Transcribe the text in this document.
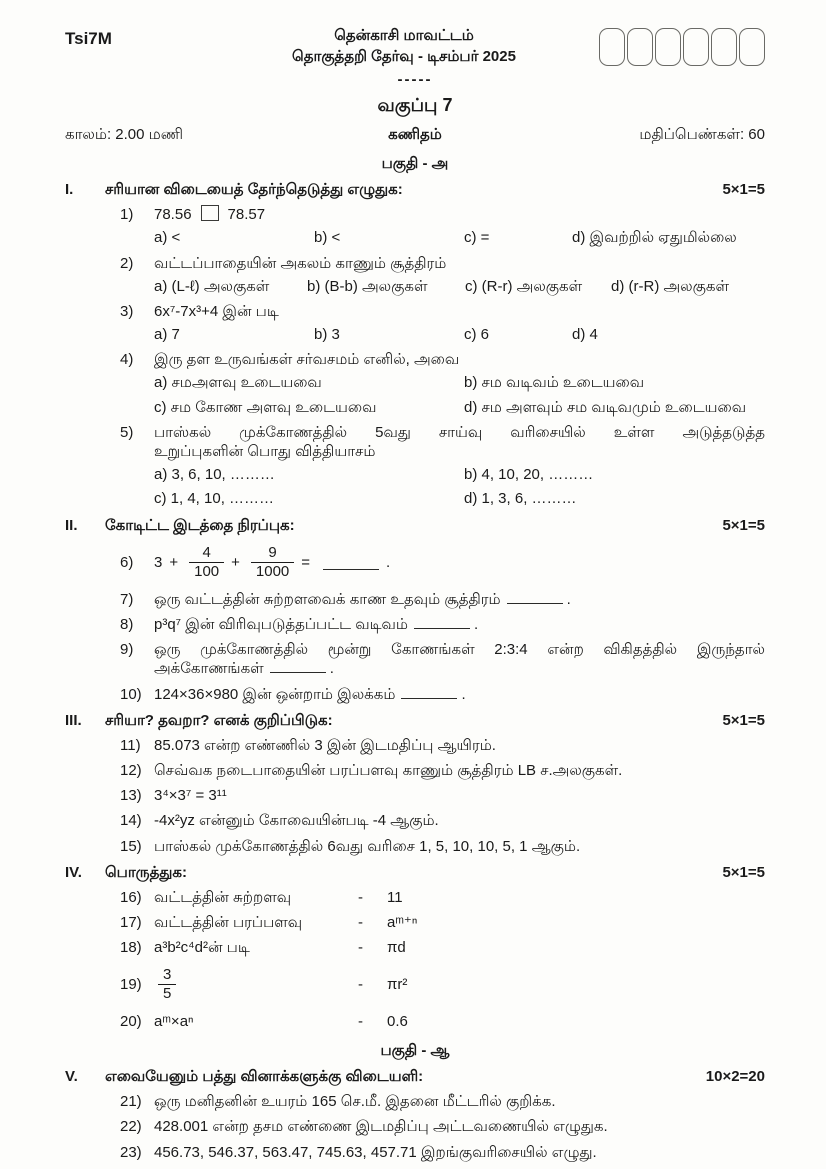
Tsi7M	தென்காசி மாவட்டம்
தொகுத்தறி தேர்வு - டிசம்பர் 2025
-----
வகுப்பு 7
காலம்: 2.00 மணி	கணிதம்	மதிப்பெண்கள்: 60
பகுதி - அ
I.	சரியான விடையைத் தேர்ந்தெடுத்து எழுதுக:	5×1=5
1)	78.56 78.57
a) <	b) <	c) =	d) இவற்றில் ஏதுமில்லை
2)	வட்டப்பாதையின் அகலம் காணும் சூத்திரம்
a) (L-ℓ) அலகுகள்	b) (B-b) அலகுகள்	c) (R-r) அலகுகள்	d) (r-R) அலகுகள்
3)	6x⁷-7x³+4 இன் படி
a) 7	b) 3	c) 6	d) 4
4)	இரு தள உருவங்கள் சர்வசமம் எனில், அவை
a) சமஅளவு உடையவை	b) சம வடிவம் உடையவை
c) சம கோண அளவு உடையவை	d) சம அளவும் சம வடிவமும் உடையவை
5)	பாஸ்கல் முக்கோணத்தில் 5வது சாய்வு வரிசையில் உள்ள அடுத்தடுத்த
உறுப்புகளின் பொது வித்தியாசம்
a) 3, 6, 10, ………	b) 4, 10, 20, ………
c) 1, 4, 10, ………	d) 1, 3, 6, ………
II.	கோடிட்ட இடத்தை நிரப்புக:	5×1=5
6)	$3 + \frac{4}{100} + \frac{9}{1000}$ =	.
7)	ஒரு வட்டத்தின் சுற்றளவைக் காண உதவும் சூத்திரம்	.
8)	p³q⁷ இன் விரிவுபடுத்தப்பட்ட வடிவம்	.
9)	ஒரு முக்கோணத்தில் மூன்று கோணங்கள் 2:3:4 என்ற விகிதத்தில் இருந்தால்
அக்கோணங்கள்	.
10) 124×36×980 இன் ஒன்றாம் இலக்கம்	.
III.	சரியா? தவறா? எனக் குறிப்பிடுக:	5×1=5
11) 85.073 என்ற எண்ணில் 3 இன் இடமதிப்பு ஆயிரம்.
12) செவ்வக நடைபாதையின் பரப்பளவு காணும் சூத்திரம் LB ச.அலகுகள்.
13) 3⁴×3⁷ = 3¹¹
14) -4x²yz என்னும் கோவையின்படி -4 ஆகும்.
15) பாஸ்கல் முக்கோணத்தில் 6வது வரிசை 1, 5, 10, 10, 5, 1 ஆகும்.
IV.	பொருத்துக:	5×1=5
16) வட்டத்தின் சுற்றளவு	-	11
17) வட்டத்தின் பரப்பளவு	-	aᵐ⁺ⁿ
18) a³b²c⁴d²ன் படி	-	πd
19)	$\frac{3}{5}$	-	πr²
20) aᵐ×aⁿ	-	0.6
பகுதி - ஆ
V.	எவையேனும் பத்து வினாக்களுக்கு விடையளி:	10×2=20
21) ஒரு மனிதனின் உயரம் 165 செ.மீ. இதனை மீட்டரில் குறிக்க.
22) 428.001 என்ற தசம எண்ணை இடமதிப்பு அட்டவணையில் எழுதுக.
23) 456.73, 546.37, 563.47, 745.63, 457.71 இறங்குவரிசையில் எழுது.
